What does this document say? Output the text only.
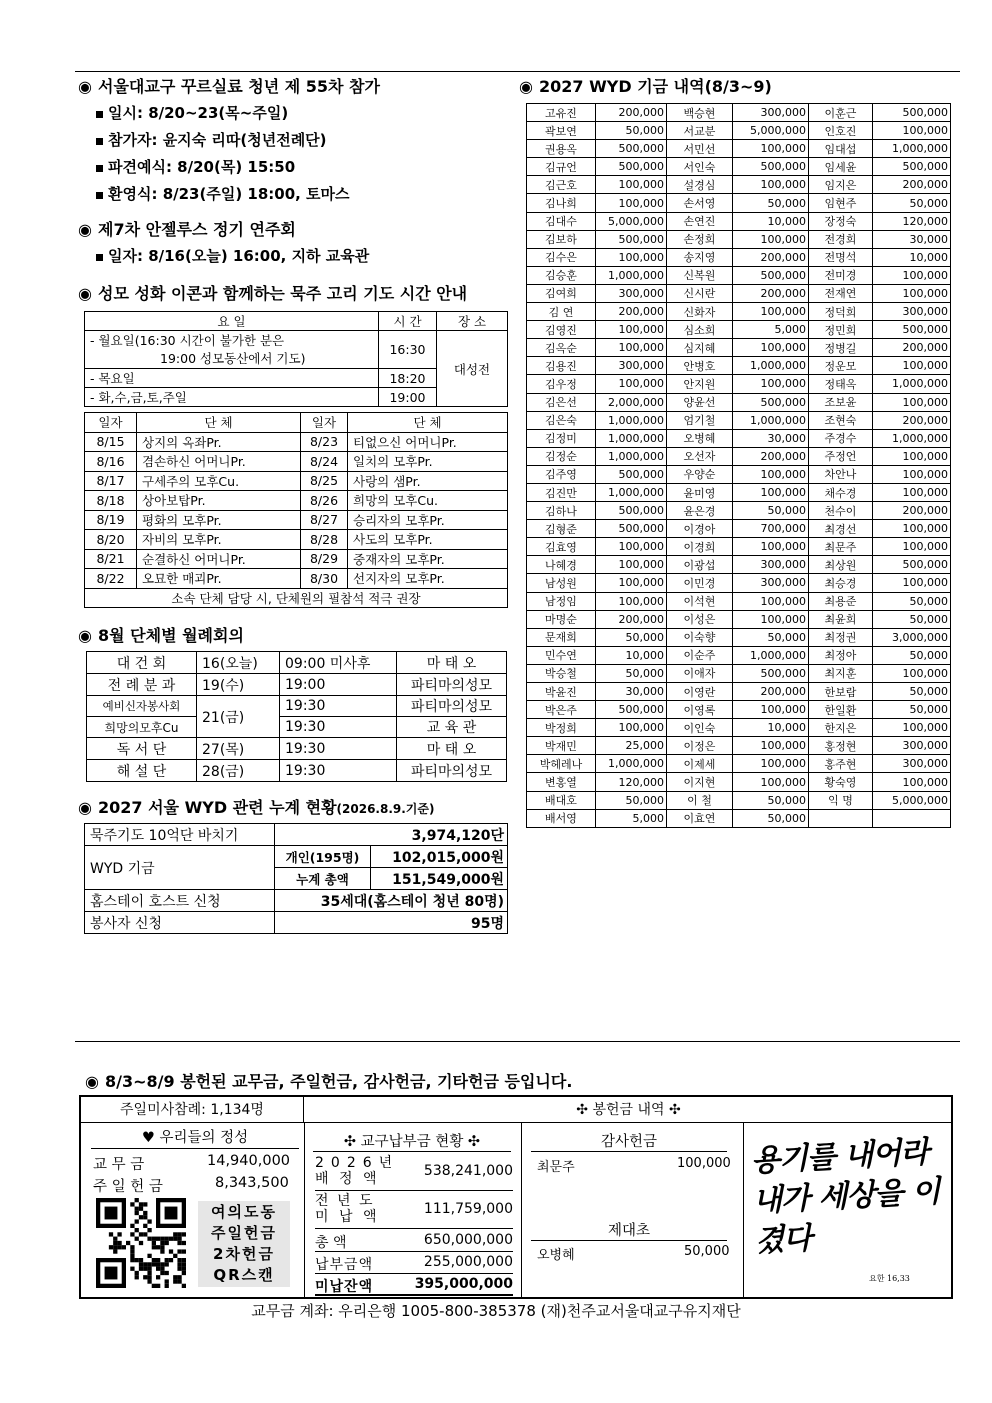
◉ 서울대교구 꾸르실료 청년 제 55차 참가
일시: 8/20~23(목~주일)
참가자: 윤지숙 리따(청년전례단)
파견예식: 8/20(목) 15:50
환영식: 8/23(주일) 18:00, 토마스
◉ 제7차 안젤루스 정기 연주회
일자: 8/16(오늘) 16:00, 지하 교육관
◉ 성모 성화 이콘과 함께하는 묵주 고리 기도 시간 안내
요 일	시 간	장 소

- 월요일(16:30 시간이 불가한 분은
19:00 성모동산에서 기도)	16:30	대성전
- 목요일	18:20	
- 화,수,금,토,주일	19:00	
일자	단 체	일자	단 체
8/15	상지의 옥좌Pr.	8/23	티없으신 어머니Pr.
8/16	겸손하신 어머니Pr.	8/24	일치의 모후Pr.
8/17	구세주의 모후Cu.	8/25	사랑의 샘Pr.
8/18	상아보탑Pr.	8/26	희망의 모후Cu.
8/19	평화의 모후Pr.	8/27	승리자의 모후Pr.
8/20	자비의 모후Pr.	8/28	사도의 모후Pr.
8/21	순결하신 어머니Pr.	8/29	중재자의 모후Pr.
8/22	오묘한 매괴Pr.	8/30	선지자의 모후Pr.
소속 단체 담당 시, 단체원의 필참석 적극 권장			
◉ 8월 단체별 월례회의
대 건 회	16(오늘)	09:00 미사후	마 태 오
전 례 분 과	19(수)	19:00	파티마의성모
예비신자봉사회	21(금)	19:30	파티마의성모
희망의모후Cu		19:30	교 육 관
독 서 단	27(목)	19:30	마 태 오
해 설 단	28(금)	19:30	파티마의성모
◉ 2027 서울 WYD 관련 누계 현황(2026.8.9.기준)
묵주기도 10억단 바치기	3,974,120단	
WYD 기금	개인(195명)	102,015,000원
	누계 총액	151,549,000원
홈스테이 호스트 신청	35세대(홈스테이 청년 80명)	
봉사자 신청	95명	
◉ 2027 WYD 기금 내역(8/3~9)
고유진	200,000	백승현	300,000	이훈근	500,000
곽보연	50,000	서교분	5,000,000	인호진	100,000
권용옥	500,000	서민선	100,000	임대섭	1,000,000
김규언	500,000	서인숙	500,000	임세윤	500,000
김근호	100,000	설경심	100,000	임지은	200,000
김나희	100,000	손서영	50,000	임현주	50,000
김대수	5,000,000	손연진	10,000	장정숙	120,000
김보하	500,000	손정희	100,000	전경희	30,000
김수은	100,000	송지영	200,000	전명석	10,000
김승훈	1,000,000	신복원	500,000	전미경	100,000
김여희	300,000	신시란	200,000	전재연	100,000
김 연	200,000	신화자	100,000	정덕희	300,000
김영진	100,000	심소희	5,000	정민희	500,000
김옥순	100,000	심지혜	100,000	정병길	200,000
김용진	300,000	안병호	1,000,000	정운모	100,000
김우정	100,000	안지원	100,000	정태옥	1,000,000
김은선	2,000,000	양윤선	500,000	조보윤	100,000
김은숙	1,000,000	엄기철	1,000,000	조현숙	200,000
김정미	1,000,000	오병혜	30,000	주경수	1,000,000
김정순	1,000,000	오선자	200,000	주정언	100,000
김주영	500,000	우양순	100,000	차안나	100,000
김진만	1,000,000	윤미영	100,000	채수경	100,000
김하나	500,000	윤은경	50,000	천수이	200,000
김형준	500,000	이경아	700,000	최경선	100,000
김효영	100,000	이경희	100,000	최문주	100,000
나혜경	100,000	이광섭	300,000	최상원	500,000
남성원	100,000	이민경	300,000	최승경	100,000
남정임	100,000	이석현	100,000	최용준	50,000
마명순	200,000	이성은	100,000	최윤희	50,000
문재희	50,000	이숙향	50,000	최정권	3,000,000
민수연	10,000	이순주	1,000,000	최정아	50,000
박승철	50,000	이애자	500,000	최지훈	100,000
박윤진	30,000	이영란	200,000	한보람	50,000
박은주	500,000	이영록	100,000	한일환	50,000
박정희	100,000	이인숙	10,000	한지은	100,000
박재민	25,000	이정은	100,000	홍정현	300,000
박헤레나	1,000,000	이제세	100,000	홍주현	300,000
변홍열	120,000	이지현	100,000	황숙영	100,000
배대호	50,000	이 철	50,000	익 명	5,000,000
배서영	5,000	이효연	50,000		
◉ 8/3~8/9 봉헌된 교무금, 주일헌금, 감사헌금, 기타헌금 등입니다.
주일미사참례: 1,134명	✣ 봉헌금 내역 ✣
♥ 우리들의 정성
교 무 금	14,940,000
주 일 헌 금	8,343,500
여의도동
주일헌금
2차헌금
QR스캔
✣ 교구납부금 현황 ✣
2026년
배 정 액	538,241,000
전 년 도
미 납 액	111,759,000
총 액	650,000,000
납부금액	255,000,000
미납잔액	395,000,000
감사헌금
최문주	100,000
제대초
오병혜	50,000
용기를 내어라 내가 세상을 이겼다
요한 16,33
교무금 계좌: 우리은행 1005-800-385378 (재)천주교서울대교구유지재단
